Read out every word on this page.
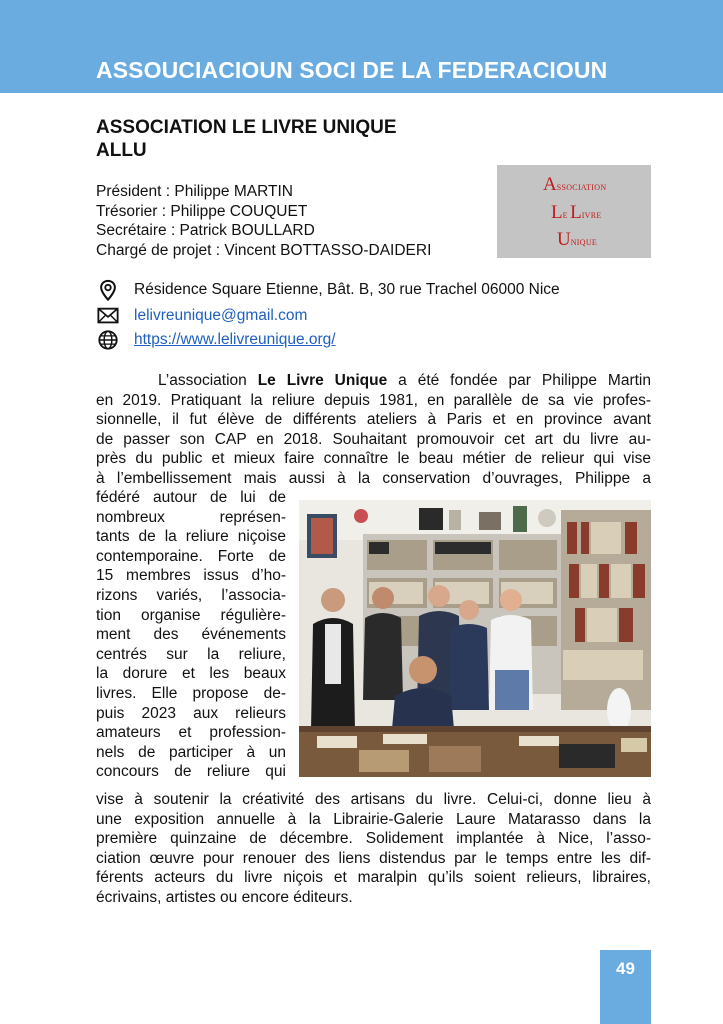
ASSOUCIACIOUN SOCI DE LA FEDERACIOUN
ASSOCIATION LE LIVRE UNIQUE
ALLU
Président : Philippe MARTIN
Trésorier : Philippe COUQUET
Secrétaire : Patrick BOULLARD
Chargé de projet : Vincent BOTTASSO-DAIDERI
ASSOCIATION
LE LIVRE
UNIQUE
Résidence Square Etienne, Bât. B, 30 rue Trachel 06000 Nice
lelivreunique@gmail.com
https://www.lelivreunique.org/
L’association Le Livre Unique a été fondée par Philippe Martin
en 2019. Pratiquant la reliure depuis 1981, en parallèle de sa vie profes-
sionnelle, il fut élève de différents ateliers à Paris et en province avant
de passer son CAP en 2018. Souhaitant promouvoir cet art du livre au-
près du public et mieux faire connaître le beau métier de relieur qui vise
à l’embellissement mais aussi à la conservation d’ouvrages, Philippe a
fédéré autour de lui de
nombreux représen-
tants de la reliure niçoise
contemporaine. Forte de
15 membres issus d’ho-
rizons variés, l’associa-
tion organise régulière-
ment des événements
centrés sur la reliure,
la dorure et les beaux
livres. Elle propose de-
puis 2023 aux relieurs
amateurs et profession-
nels de participer à un
concours de reliure qui
vise à soutenir la créativité des artisans du livre. Celui-ci, donne lieu à
une exposition annuelle à la Librairie-Galerie Laure Matarasso dans la
première quinzaine de décembre. Solidement implantée à Nice, l’asso-
ciation œuvre pour renouer des liens distendus par le temps entre les dif-
férents acteurs du livre niçois et maralpin qu’ils soient relieurs, libraires,
écrivains, artistes ou encore éditeurs.
49
